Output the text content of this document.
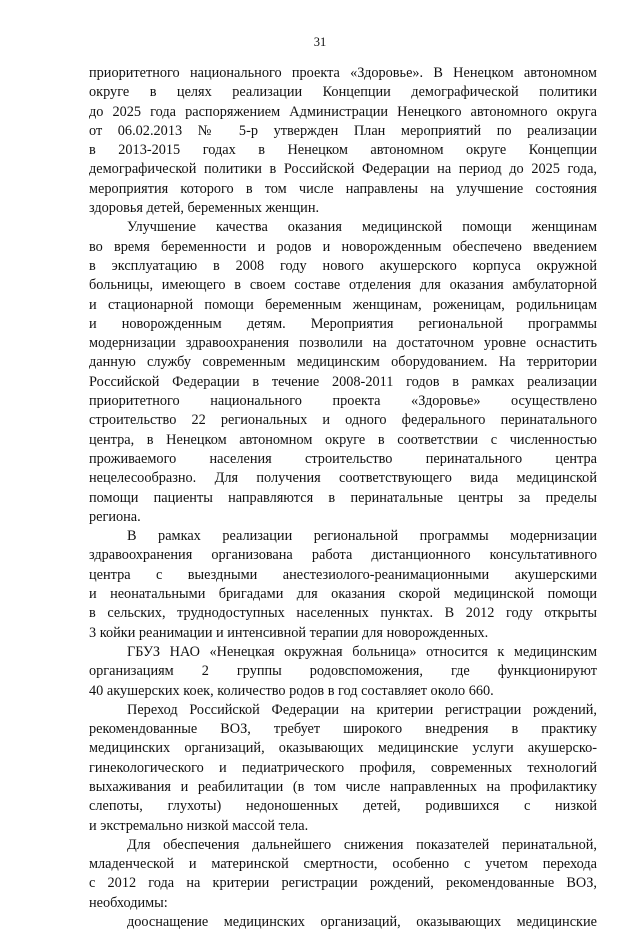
31
приоритетного национального проекта «Здоровье». В Ненецком автономном
округе в целях реализации Концепции демографической политики
до 2025 года распоряжением Администрации Ненецкого автономного округа
от 06.02.2013 № 5-р утвержден План мероприятий по реализации
в 2013-2015 годах в Ненецком автономном округе Концепции
демографической политики в Российской Федерации на период до 2025 года,
мероприятия которого в том числе направлены на улучшение состояния
здоровья детей, беременных женщин.
Улучшение качества оказания медицинской помощи женщинам
во время беременности и родов и новорожденным обеспечено введением
в эксплуатацию в 2008 году нового акушерского корпуса окружной
больницы, имеющего в своем составе отделения для оказания амбулаторной
и стационарной помощи беременным женщинам, роженицам, родильницам
и новорожденным детям. Мероприятия региональной программы
модернизации здравоохранения позволили на достаточном уровне оснастить
данную службу современным медицинским оборудованием. На территории
Российской Федерации в течение 2008-2011 годов в рамках реализации
приоритетного национального проекта «Здоровье» осуществлено
строительство 22 региональных и одного федерального перинатального
центра, в Ненецком автономном округе в соответствии с численностью
проживаемого населения строительство перинатального центра
нецелесообразно. Для получения соответствующего вида медицинской
помощи пациенты направляются в перинатальные центры за пределы
региона.
В рамках реализации региональной программы модернизации
здравоохранения организована работа дистанционного консультативного
центра с выездными анестезиолого-реанимационными акушерскими
и неонатальными бригадами для оказания скорой медицинской помощи
в сельских, труднодоступных населенных пунктах. В 2012 году открыты
3 койки реанимации и интенсивной терапии для новорожденных.
ГБУЗ НАО «Ненецкая окружная больница» относится к медицинским
организациям 2 группы родовспоможения, где функционируют
40 акушерских коек, количество родов в год составляет около 660.
Переход Российской Федерации на критерии регистрации рождений,
рекомендованные ВОЗ, требует широкого внедрения в практику
медицинских организаций, оказывающих медицинские услуги акушерско-
гинекологического и педиатрического профиля, современных технологий
выхаживания и реабилитации (в том числе направленных на профилактику
слепоты, глухоты) недоношенных детей, родившихся с низкой
и экстремально низкой массой тела.
Для обеспечения дальнейшего снижения показателей перинатальной,
младенческой и материнской смертности, особенно с учетом перехода
с 2012 года на критерии регистрации рождений, рекомендованные ВОЗ,
необходимы:
дооснащение медицинских организаций, оказывающих медицинские
